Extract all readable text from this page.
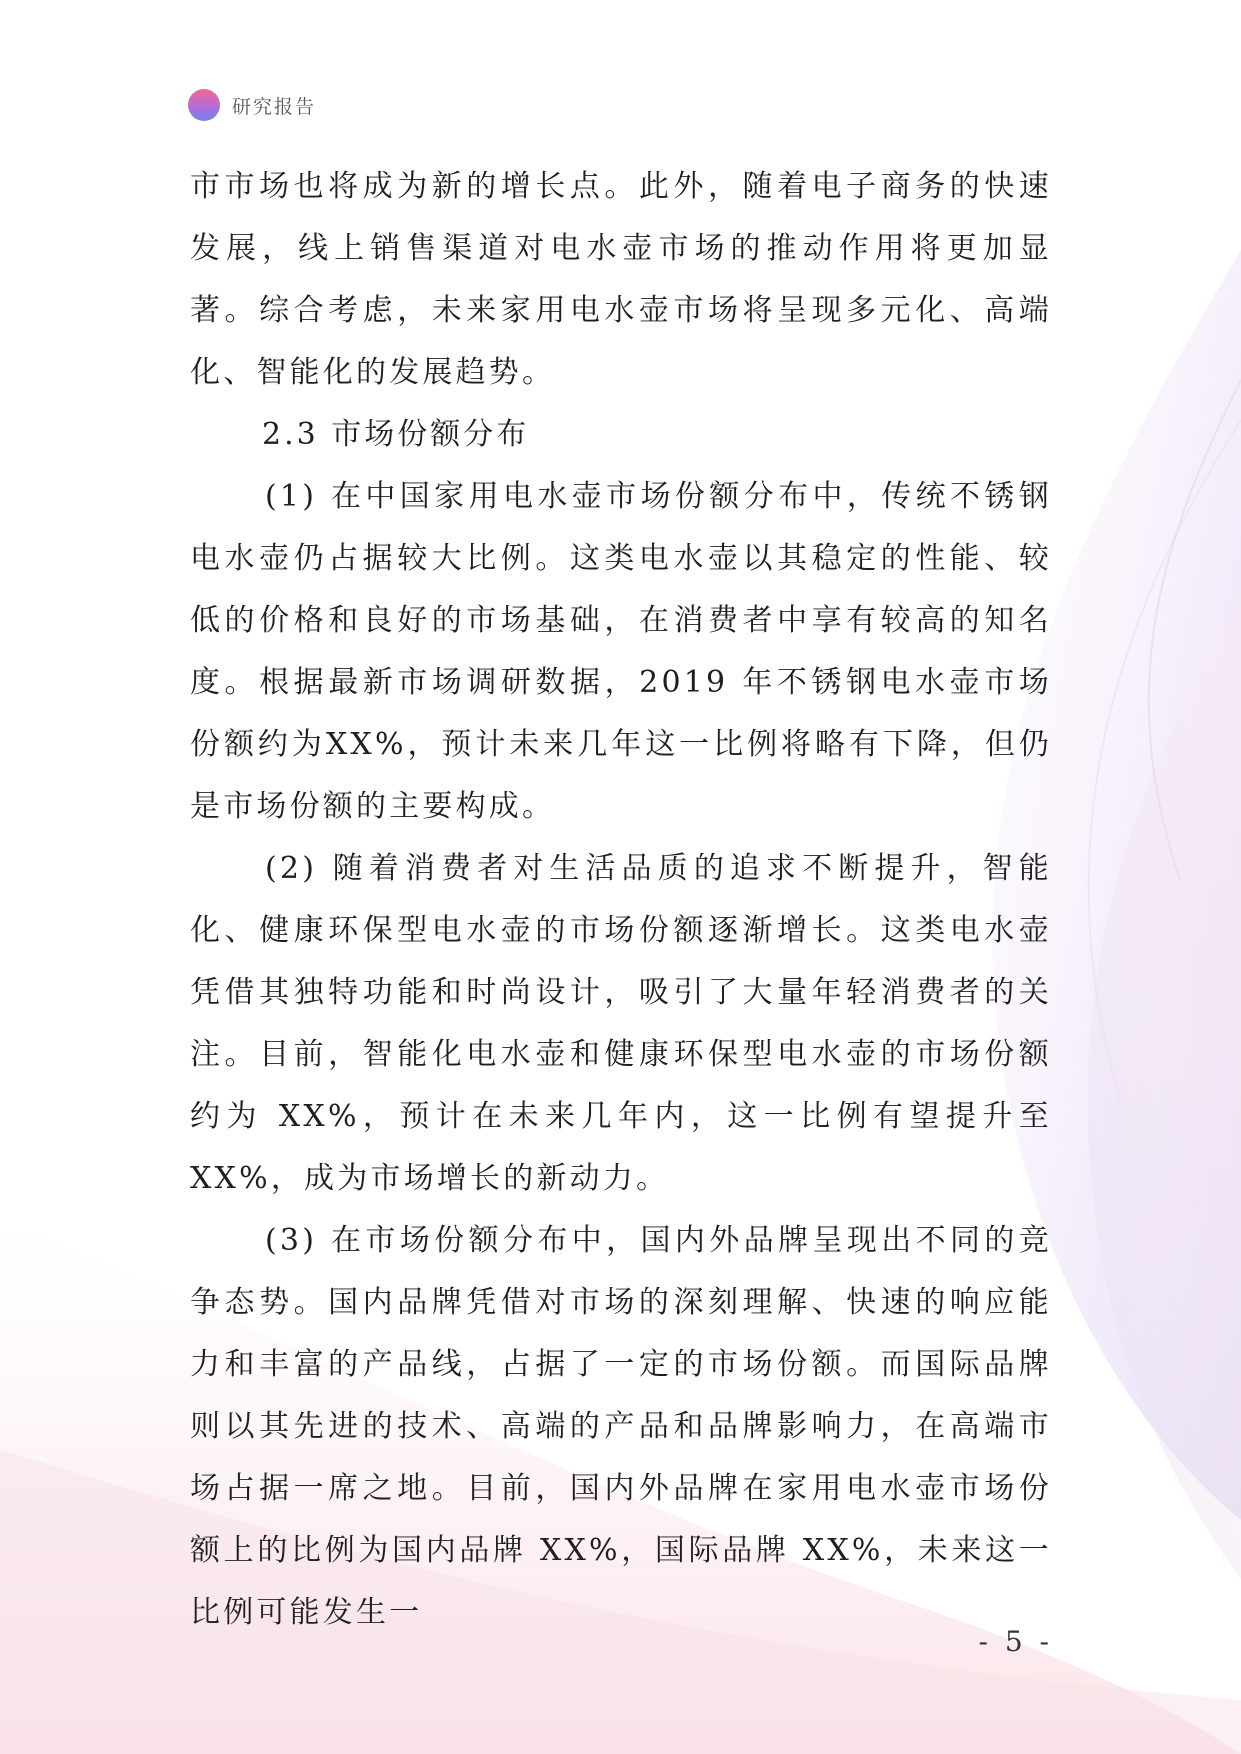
研究报告

市市场也将成为新的增长点。此外，随着电子商务的快速发展，线上销售渠道对电水壶市场的推动作用将更加显著。综合考虑，未来家用电水壶市场将呈现多元化、高端化、智能化的发展趋势。

2.3 市场份额分布

(1) 在中国家用电水壶市场份额分布中，传统不锈钢电水壶仍占据较大比例。这类电水壶以其稳定的性能、较低的价格和良好的市场基础，在消费者中享有较高的知名度。根据最新市场调研数据，2019 年不锈钢电水壶市场份额约为XX%，预计未来几年这一比例将略有下降，但仍是市场份额的主要构成。

(2) 随着消费者对生活品质的追求不断提升，智能化、健康环保型电水壶的市场份额逐渐增长。这类电水壶凭借其独特功能和时尚设计，吸引了大量年轻消费者的关注。目前，智能化电水壶和健康环保型电水壶的市场份额约为 XX%，预计在未来几年内，这一比例有望提升至 XX%，成为市场增长的新动力。

(3) 在市场份额分布中，国内外品牌呈现出不同的竞争态势。国内品牌凭借对市场的深刻理解、快速的响应能力和丰富的产品线，占据了一定的市场份额。而国际品牌则以其先进的技术、高端的产品和品牌影响力，在高端市场占据一席之地。目前，国内外品牌在家用电水壶市场份额上的比例为国内品牌 XX%，国际品牌 XX%，未来这一比例可能发生一

- 5 -
